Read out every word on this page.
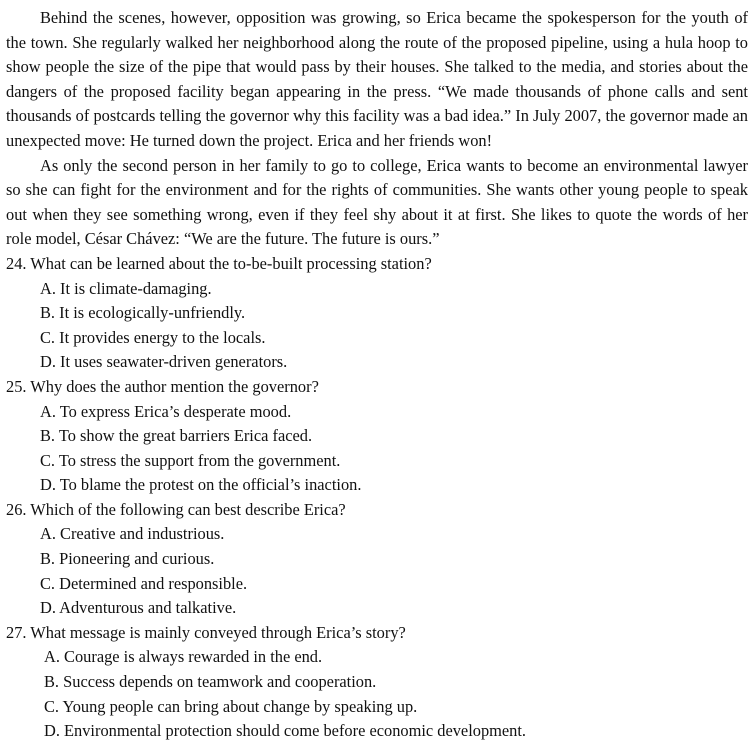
Behind the scenes, however, opposition was growing, so Erica became the spokesperson for the youth of the town. She regularly walked her neighborhood along the route of the proposed pipeline, using a hula hoop to show people the size of the pipe that would pass by their houses. She talked to the media, and stories about the dangers of the proposed facility began appearing in the press. “We made thousands of phone calls and sent thousands of postcards telling the governor why this facility was a bad idea.” In July 2007, the governor made an unexpected move: He turned down the project. Erica and her friends won!

As only the second person in her family to go to college, Erica wants to become an environmental lawyer so she can fight for the environment and for the rights of communities. She wants other young people to speak out when they see something wrong, even if they feel shy about it at first. She likes to quote the words of her role model, César Chávez: “We are the future. The future is ours.”

24. What can be learned about the to-be-built processing station?

A. It is climate-damaging.
B. It is ecologically-unfriendly.
C. It provides energy to the locals.
D. It uses seawater-driven generators.

25. Why does the author mention the governor?

A. To express Erica’s desperate mood.
B. To show the great barriers Erica faced.
C. To stress the support from the government.
D. To blame the protest on the official’s inaction.

26. Which of the following can best describe Erica?

A. Creative and industrious.
B. Pioneering and curious.
C. Determined and responsible.
D. Adventurous and talkative.

27. What message is mainly conveyed through Erica’s story?

A. Courage is always rewarded in the end.
B. Success depends on teamwork and cooperation.
C. Young people can bring about change by speaking up.
D. Environmental protection should come before economic development.
